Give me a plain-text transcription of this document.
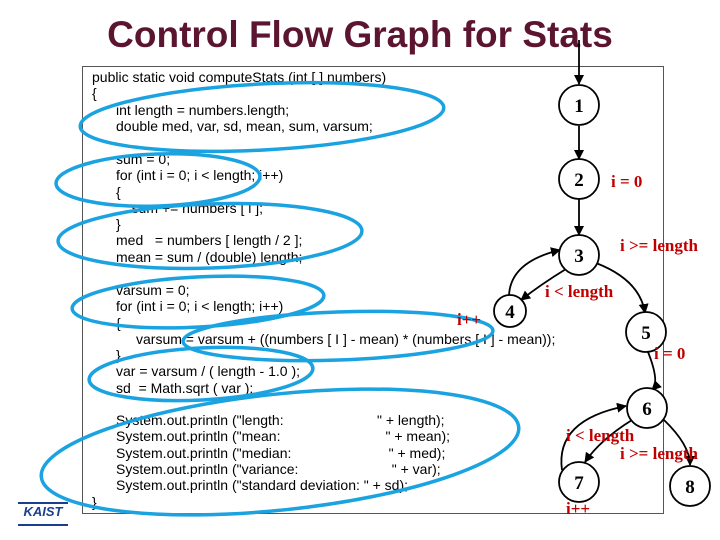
Control Flow Graph for Stats
public static void computeStats (int [ ] numbers)
{
int length = numbers.length;
double med, var, sd, mean, sum, varsum;
sum = 0;
for (int i = 0; i < length; i++)
{
sum += numbers [ i ];
}
med   = numbers [ length / 2 ];
mean = sum / (double) length;
varsum = 0;
for (int i = 0; i < length; i++)
{
varsum = varsum + ((numbers [ I ] - mean) * (numbers [ I ] - mean));
}
var = varsum / ( length - 1.0 );
sd  = Math.sqrt ( var );
System.out.println ("length:                        " + length);
System.out.println ("mean:                           " + mean);
System.out.println ("median:                         " + med);
System.out.println ("variance:                        " + var);
System.out.println ("standard deviation: " + sd);
}
1
2
3
4
5
6
7	8
i = 0
i >= length
i < length
i++
i = 0
i < length
i >= length
i++
KAIST
